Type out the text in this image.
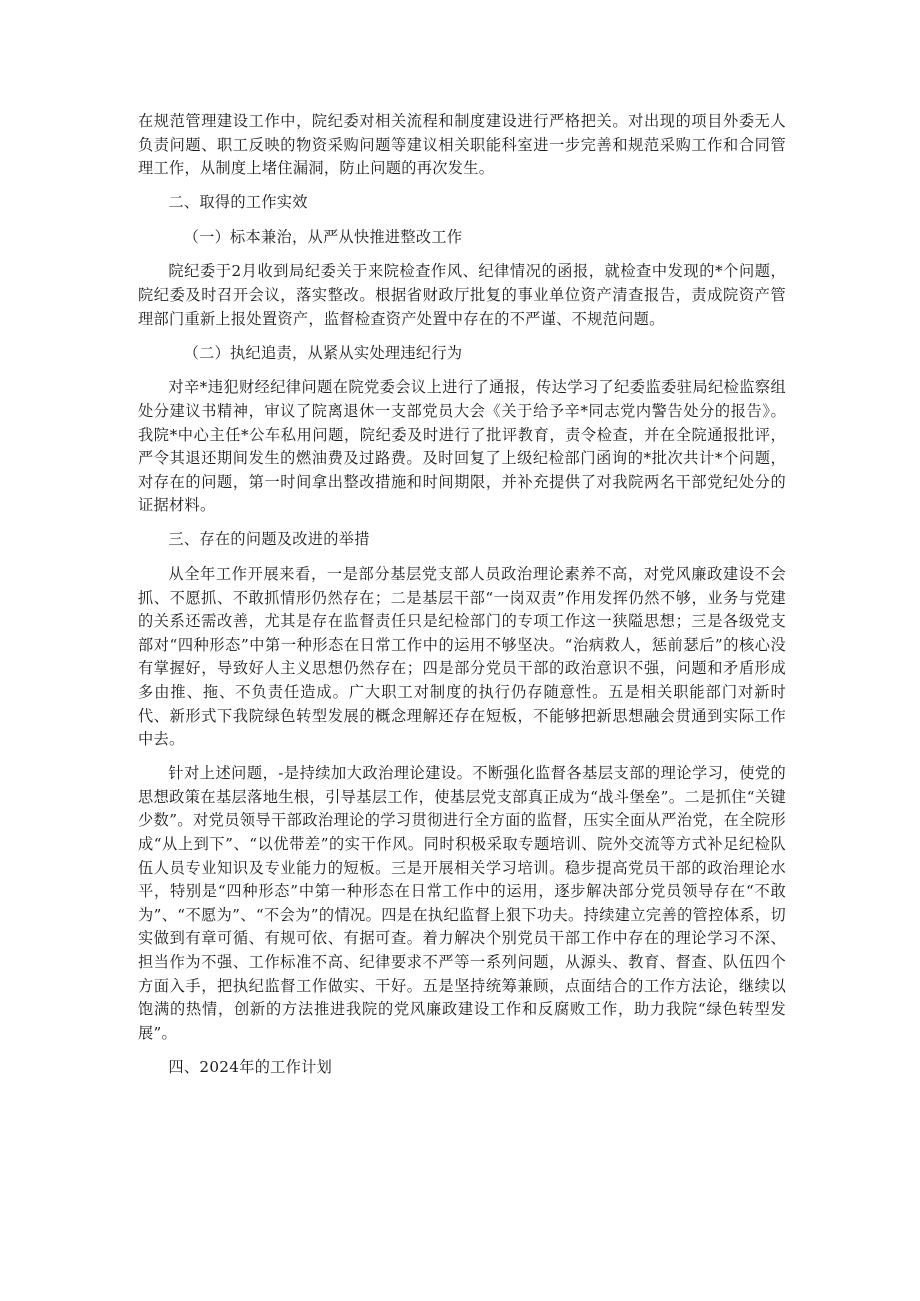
在规范管理建设工作中，院纪委对相关流程和制度建设进行严格把关。对出现的项目外委无人负责问题、职工反映的物资采购问题等建议相关职能科室进一步完善和规范采购工作和合同管理工作，从制度上堵住漏洞，防止问题的再次发生。

二、取得的工作实效

（一）标本兼治，从严从快推进整改工作

院纪委于2月收到局纪委关于来院检查作风、纪律情况的函报，就检查中发现的*个问题，院纪委及时召开会议，落实整改。根据省财政厅批复的事业单位资产清查报告，责成院资产管理部门重新上报处置资产，监督检查资产处置中存在的不严谨、不规范问题。

（二）执纪追责，从紧从实处理违纪行为

对辛*违犯财经纪律问题在院党委会议上进行了通报，传达学习了纪委监委驻局纪检监察组处分建议书精神，审议了院离退休一支部党员大会《关于给予辛*同志党内警告处分的报告》。我院*中心主任*公车私用问题，院纪委及时进行了批评教育，责令检查，并在全院通报批评，严令其退还期间发生的燃油费及过路费。及时回复了上级纪检部门函询的*批次共计*个问题，对存在的问题，第一时间拿出整改措施和时间期限，并补充提供了对我院两名干部党纪处分的证据材料。

三、存在的问题及改进的举措

从全年工作开展来看，一是部分基层党支部人员政治理论素养不高，对党风廉政建设不会抓、不愿抓、不敢抓情形仍然存在；二是基层干部“一岗双责”作用发挥仍然不够，业务与党建的关系还需改善，尤其是存在监督责任只是纪检部门的专项工作这一狭隘思想；三是各级党支部对“四种形态”中第一种形态在日常工作中的运用不够坚决。“治病救人，惩前瑟后”的核心没有掌握好，导致好人主义思想仍然存在；四是部分党员干部的政治意识不强，问题和矛盾形成多由推、拖、不负责任造成。广大职工对制度的执行仍存随意性。五是相关职能部门对新时代、新形式下我院绿色转型发展的概念理解还存在短板，不能够把新思想融会贯通到实际工作中去。

针对上述问题，-是持续加大政治理论建设。不断强化监督各基层支部的理论学习，使党的思想政策在基层落地生根，引导基层工作，使基层党支部真正成为“战斗堡垒”。二是抓住“关键少数”。对党员领导干部政治理论的学习贯彻进行全方面的监督，压实全面从严治党，在全院形成“从上到下”、“以优带差”的实干作风。同时积极采取专题培训、院外交流等方式补足纪检队伍人员专业知识及专业能力的短板。三是开展相关学习培训。稳步提高党员干部的政治理论水平，特别是“四种形态”中第一种形态在日常工作中的运用，逐步解决部分党员领导存在“不敢为”、“不愿为”、“不会为”的情况。四是在执纪监督上狠下功夫。持续建立完善的管控体系，切实做到有章可循、有规可依、有据可查。着力解决个别党员干部工作中存在的理论学习不深、担当作为不强、工作标准不高、纪律要求不严等一系列问题，从源头、教育、督查、队伍四个方面入手，把执纪监督工作做实、干好。五是坚持统筹兼顾，点面结合的工作方法论，继续以饱满的热情，创新的方法推进我院的党风廉政建设工作和反腐败工作，助力我院“绿色转型发展”。

四、2024年的工作计划
